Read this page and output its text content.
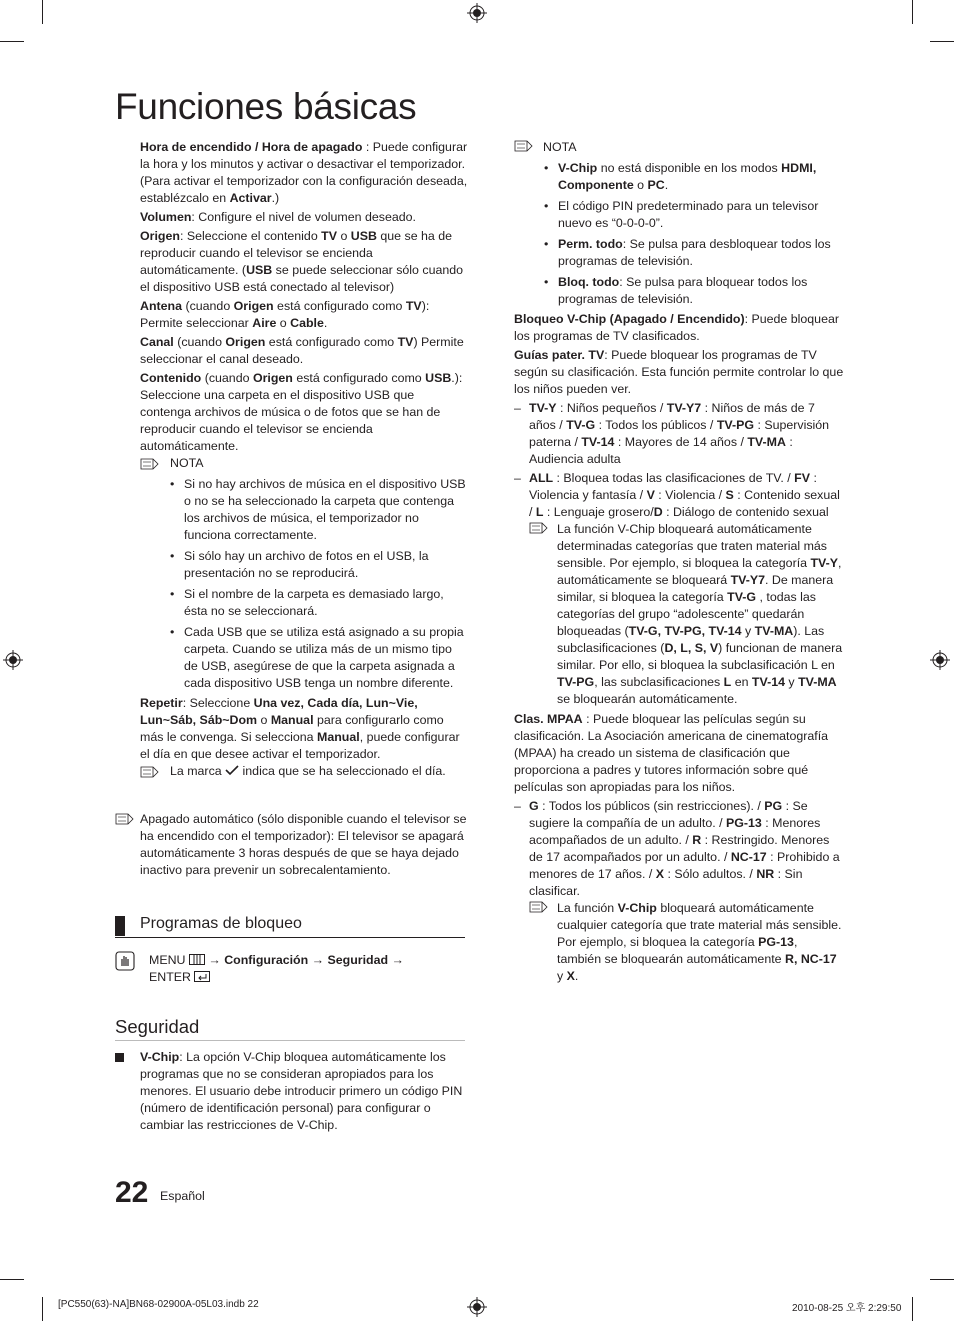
Funciones básicas

Hora de encendido / Hora de apagado : Puede configurar la hora y los minutos y activar o desactivar el temporizador. (Para activar el temporizador con la configuración deseada, establézcalo en Activar.)

Volumen: Configure el nivel de volumen deseado.

Origen: Seleccione el contenido TV o USB que se ha de reproducir cuando el televisor se encienda automáticamente. (USB se puede seleccionar sólo cuando el dispositivo USB está conectado al televisor)

Antena (cuando Origen está configurado como TV): Permite seleccionar Aire o Cable.

Canal (cuando Origen está configurado como TV) Permite seleccionar el canal deseado.

Contenido (cuando Origen está configurado como USB.): Seleccione una carpeta en el dispositivo USB que contenga archivos de música o de fotos que se han de reproducir cuando el televisor se encienda automáticamente.

NOTA
• Si no hay archivos de música en el dispositivo USB o no se ha seleccionado la carpeta que contenga los archivos de música, el temporizador no funciona correctamente.
• Si sólo hay un archivo de fotos en el USB, la presentación no se reproducirá.
• Si el nombre de la carpeta es demasiado largo, ésta no se seleccionará.
• Cada USB que se utiliza está asignado a su propia carpeta. Cuando se utiliza más de un mismo tipo de USB, asegúrese de que la carpeta asignada a cada dispositivo USB tenga un nombre diferente.

Repetir: Seleccione Una vez, Cada día, Lun~Vie, Lun~Sáb, Sáb~Dom o Manual para configurarlo como más le convenga. Si selecciona Manual, puede configurar el día en que desee activar el temporizador.

La marca  indica que se ha seleccionado el día.
Apagado automático (sólo disponible cuando el televisor se ha encendido con el temporizador): El televisor se apagará automáticamente 3 horas después de que se haya dejado inactivo para prevenir un sobrecalentamiento.
Programas de bloqueo
MENU  → Configuración → Seguridad →
ENTER
Seguridad
V-Chip: La opción V-Chip bloquea automáticamente los programas que no se consideran apropiados para los menores. El usuario debe introducir primero un código PIN (número de identificación personal) para configurar o cambiar las restricciones de V-Chip.
NOTA
• V-Chip no está disponible en los modos HDMI, Componente o PC.
• El código PIN predeterminado para un televisor nuevo es “0-0-0-0”.
• Perm. todo: Se pulsa para desbloquear todos los programas de televisión.
• Bloq. todo: Se pulsa para bloquear todos los programas de televisión.

Bloqueo V-Chip (Apagado / Encendido): Puede bloquear los programas de TV clasificados.

Guías pater. TV: Puede bloquear los programas de TV según su clasificación. Esta función permite controlar lo que los niños pueden ver.

– TV-Y : Niños pequeños / TV-Y7 : Niños de más de 7 años / TV-G : Todos los públicos / TV-PG : Supervisión paterna / TV-14 : Mayores de 14 años / TV-MA : Audiencia adulta
– ALL : Bloquea todas las clasificaciones de TV. / FV : Violencia y fantasía / V : Violencia / S : Contenido sexual / L : Lenguaje grosero/D : Diálogo de contenido sexual
La función V-Chip bloqueará automáticamente determinadas categorías que traten material más sensible. Por ejemplo, si bloquea la categoría TV-Y, automáticamente se bloqueará TV-Y7. De manera similar, si bloquea la categoría TV-G , todas las categorías del grupo “adolescente” quedarán bloqueadas (TV-G, TV-PG, TV-14 y TV-MA). Las subclasificaciones (D, L, S, V) funcionan de manera similar. Por ello, si bloquea la subclasificación L en TV-PG, las subclasificaciones L en TV-14 y TV-MA se bloquearán automáticamente.

Clas. MPAA : Puede bloquear las películas según su clasificación. La Asociación americana de cinematografía (MPAA) ha creado un sistema de clasificación que proporciona a padres y tutores información sobre qué películas son apropiadas para los niños.

– G : Todos los públicos (sin restricciones). / PG : Se sugiere la compañía de un adulto. / PG-13 : Menores acompañados de un adulto. / R : Restringido. Menores de 17 acompañados por un adulto. / NC-17 : Prohibido a menores de 17 años. / X : Sólo adultos. / NR : Sin clasificar.
La función V-Chip bloqueará automáticamente cualquier categoría que trate material más sensible. Por ejemplo, si bloquea la categoría PG-13, también se bloquearán automáticamente R, NC-17 y X.
22 Español
[PC550(63)-NA]BN68-02900A-05L03.indb 22	2010-08-25 오후 2:29:50
